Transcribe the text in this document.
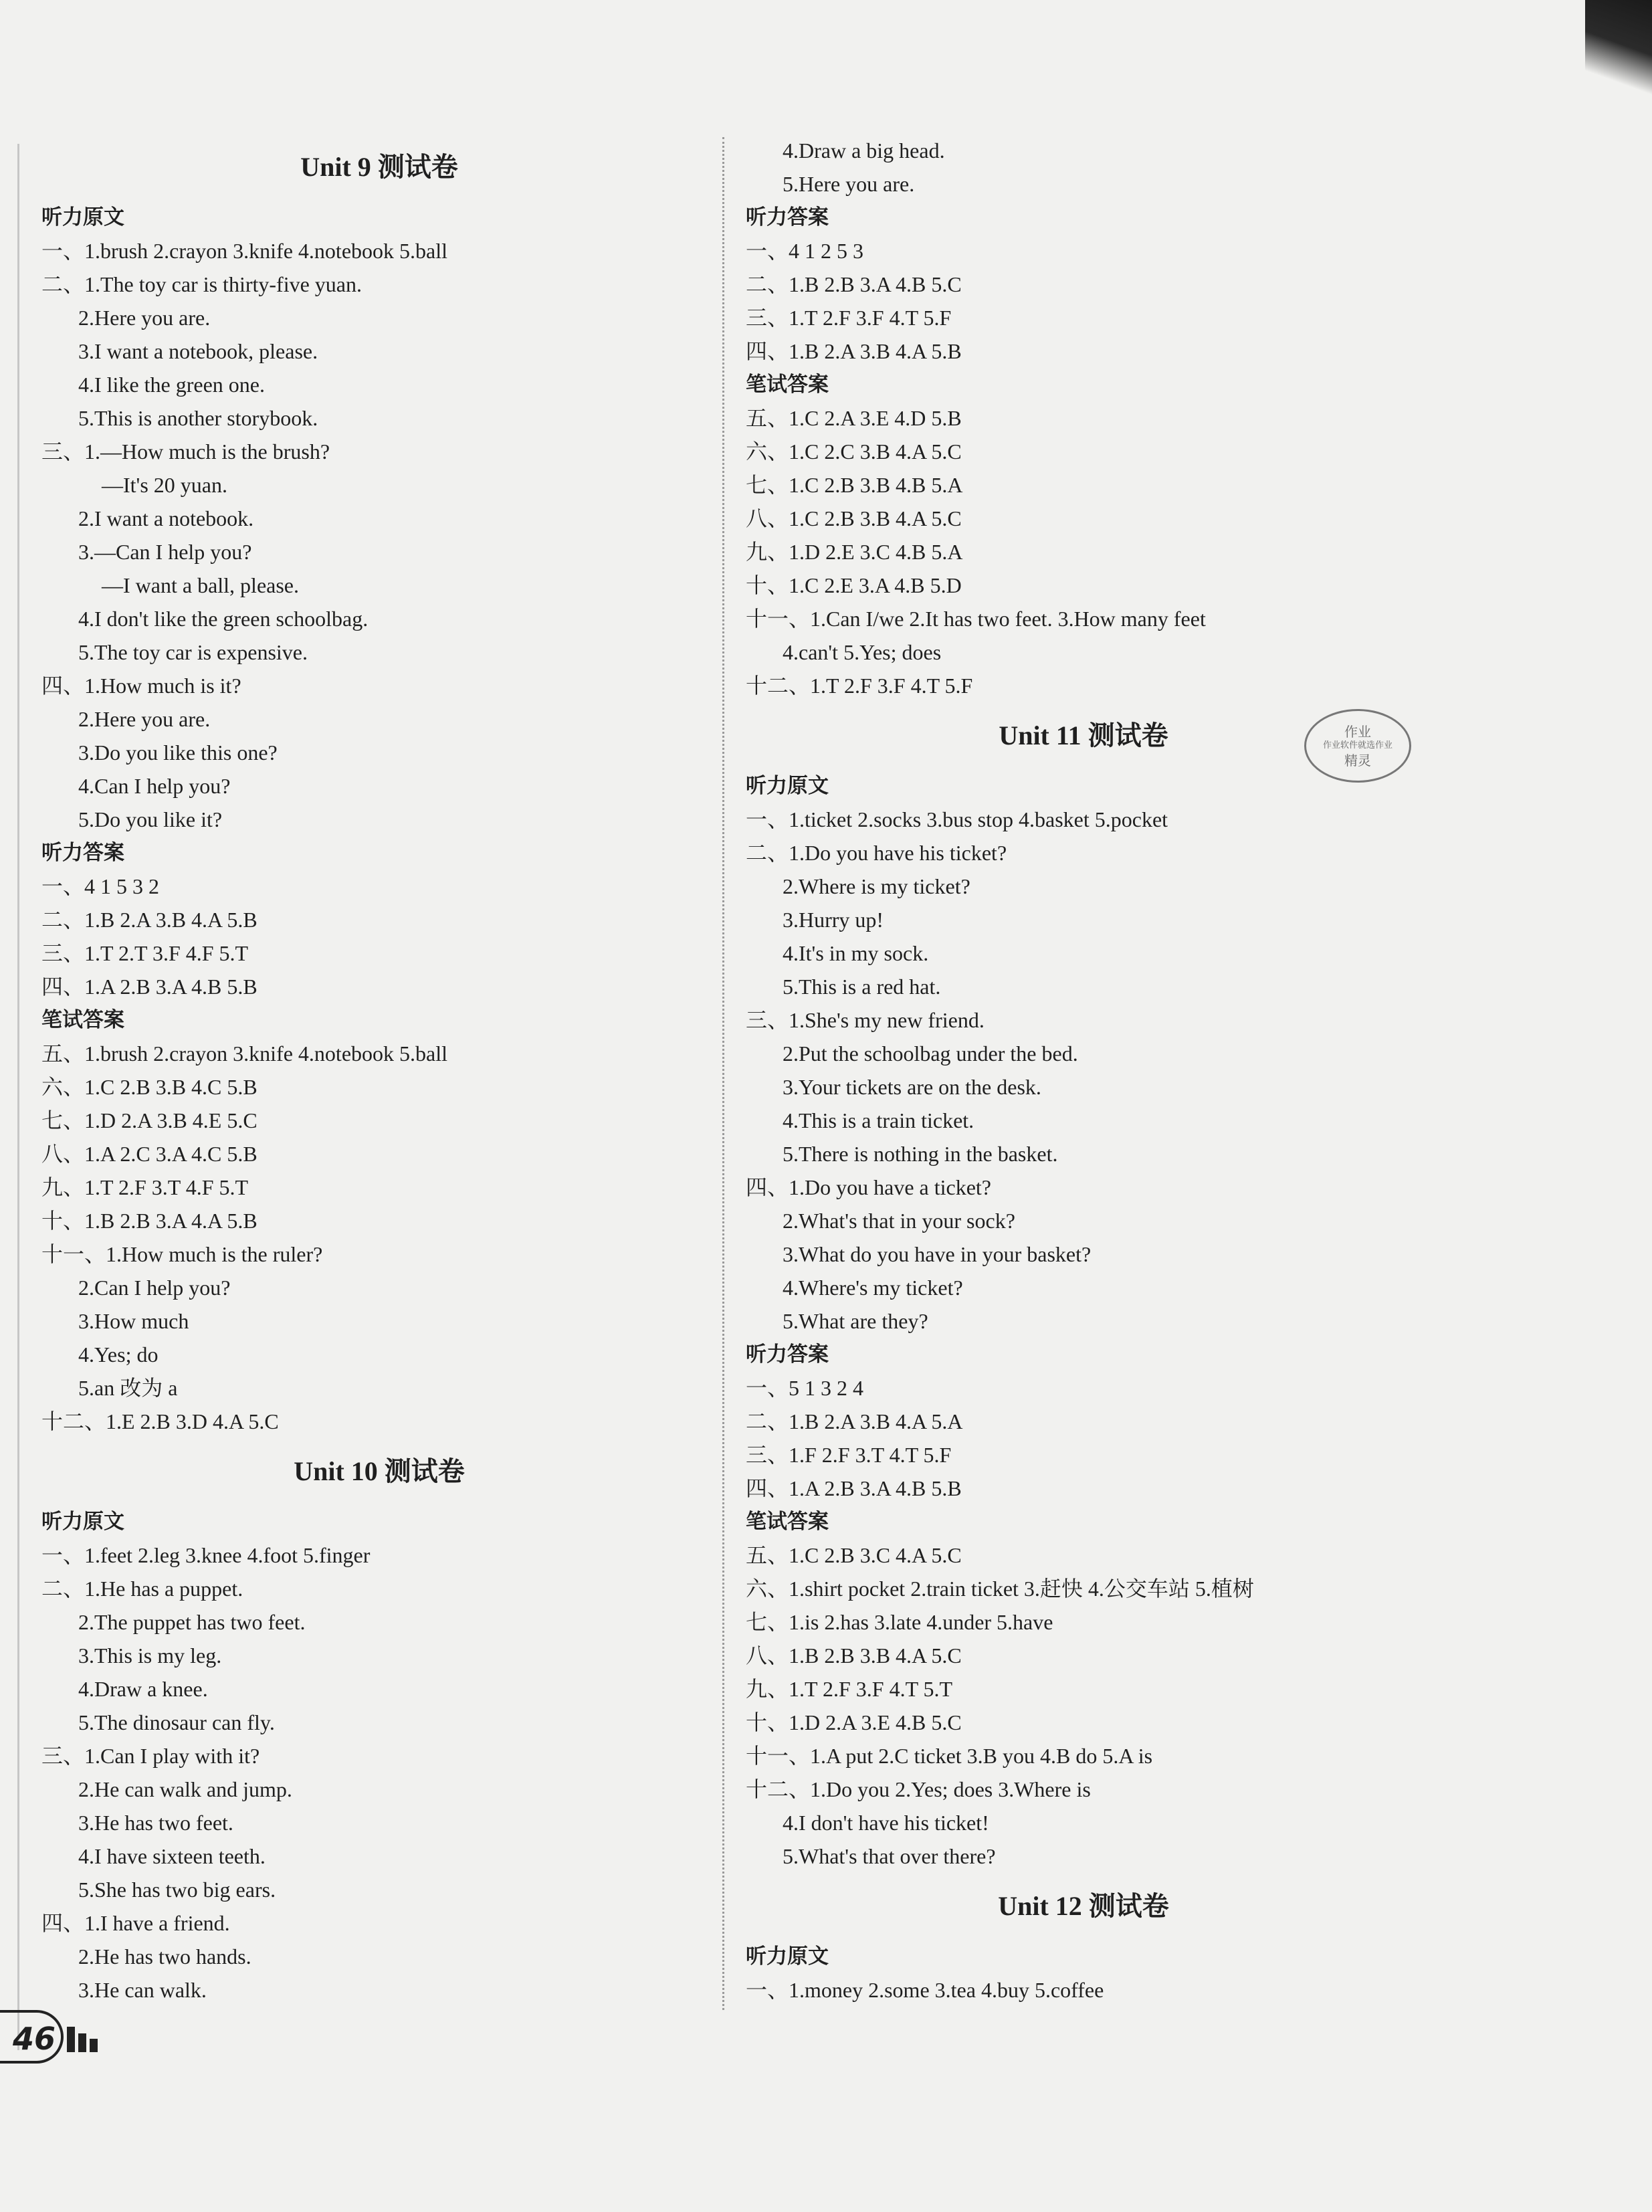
Unit 9 测试卷
听力原文
一、1.brush 2.crayon 3.knife 4.notebook 5.ball
二、1.The toy car is thirty-five yuan.
2.Here you are.
3.I want a notebook, please.
4.I like the green one.
5.This is another storybook.
三、1.—How much is the brush?
—It's 20 yuan.
2.I want a notebook.
3.—Can I help you?
—I want a ball, please.
4.I don't like the green schoolbag.
5.The toy car is expensive.
四、1.How much is it?
2.Here you are.
3.Do you like this one?
4.Can I help you?
5.Do you like it?
听力答案
一、4 1 5 3 2
二、1.B 2.A 3.B 4.A 5.B
三、1.T 2.T 3.F 4.F 5.T
四、1.A 2.B 3.A 4.B 5.B
笔试答案
五、1.brush 2.crayon 3.knife 4.notebook 5.ball
六、1.C 2.B 3.B 4.C 5.B
七、1.D 2.A 3.B 4.E 5.C
八、1.A 2.C 3.A 4.C 5.B
九、1.T 2.F 3.T 4.F 5.T
十、1.B 2.B 3.A 4.A 5.B
十一、1.How much is the ruler?
2.Can I help you?
3.How much
4.Yes; do
5.an 改为 a
十二、1.E 2.B 3.D 4.A 5.C
Unit 10 测试卷
听力原文
一、1.feet 2.leg 3.knee 4.foot 5.finger
二、1.He has a puppet.
2.The puppet has two feet.
3.This is my leg.
4.Draw a knee.
5.The dinosaur can fly.
三、1.Can I play with it?
2.He can walk and jump.
3.He has two feet.
4.I have sixteen teeth.
5.She has two big ears.
四、1.I have a friend.
2.He has two hands.
3.He can walk.
4.Draw a big head.
5.Here you are.
听力答案
一、4 1 2 5 3
二、1.B 2.B 3.A 4.B 5.C
三、1.T 2.F 3.F 4.T 5.F
四、1.B 2.A 3.B 4.A 5.B
笔试答案
五、1.C 2.A 3.E 4.D 5.B
六、1.C 2.C 3.B 4.A 5.C
七、1.C 2.B 3.B 4.B 5.A
八、1.C 2.B 3.B 4.A 5.C
九、1.D 2.E 3.C 4.B 5.A
十、1.C 2.E 3.A 4.B 5.D
十一、1.Can I/we 2.It has two feet. 3.How many feet
4.can't 5.Yes; does
十二、1.T 2.F 3.F 4.T 5.F
Unit 11 测试卷
听力原文
一、1.ticket 2.socks 3.bus stop 4.basket 5.pocket
二、1.Do you have his ticket?
2.Where is my ticket?
3.Hurry up!
4.It's in my sock.
5.This is a red hat.
三、1.She's my new friend.
2.Put the schoolbag under the bed.
3.Your tickets are on the desk.
4.This is a train ticket.
5.There is nothing in the basket.
四、1.Do you have a ticket?
2.What's that in your sock?
3.What do you have in your basket?
4.Where's my ticket?
5.What are they?
听力答案
一、5 1 3 2 4
二、1.B 2.A 3.B 4.A 5.A
三、1.F 2.F 3.T 4.T 5.F
四、1.A 2.B 3.A 4.B 5.B
笔试答案
五、1.C 2.B 3.C 4.A 5.C
六、1.shirt pocket 2.train ticket 3.赶快 4.公交车站 5.植树
七、1.is 2.has 3.late 4.under 5.have
八、1.B 2.B 3.B 4.A 5.C
九、1.T 2.F 3.F 4.T 5.T
十、1.D 2.A 3.E 4.B 5.C
十一、1.A put 2.C ticket 3.B you 4.B do 5.A is
十二、1.Do you 2.Yes; does 3.Where is
4.I don't have his ticket!
5.What's that over there?
Unit 12 测试卷
听力原文
一、1.money 2.some 3.tea 4.buy 5.coffee
作业
作业软件就选作业
精灵
46
